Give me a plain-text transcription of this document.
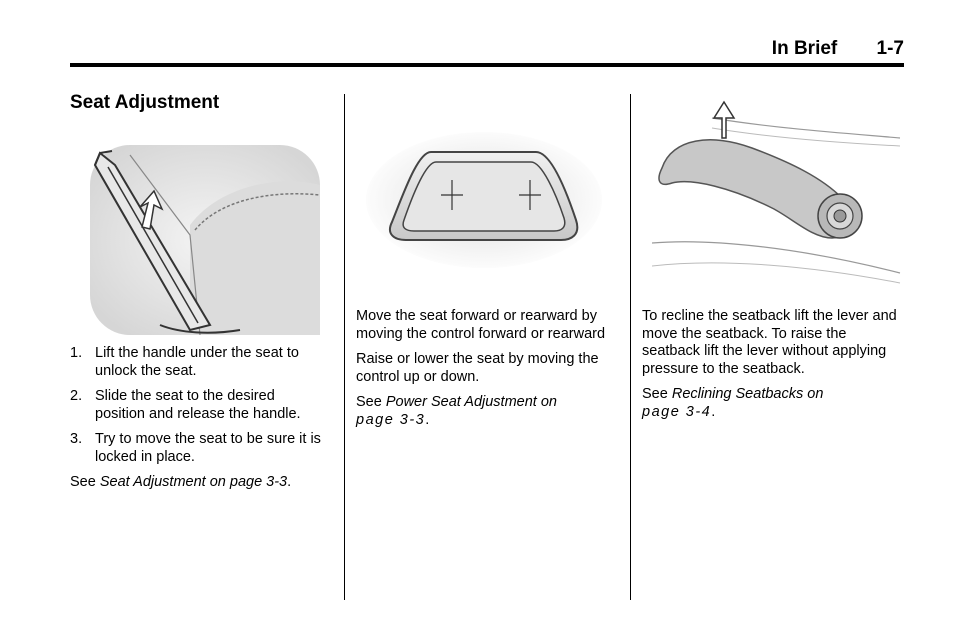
In Brief 1-7
Seat Adjustment
1. Lift the handle under the seat to unlock the seat.
2. Slide the seat to the desired position and release the handle.
3. Try to move the seat to be sure it is locked in place.

See Seat Adjustment on page 3-3.

Move the seat forward or rearward by moving the control forward or rearward

Raise or lower the seat by moving the control up or down.

See Power Seat Adjustment on
page 3-3.

To recline the seatback lift the lever and move the seatback. To raise the seatback lift the lever without applying pressure to the seatback.

See Reclining Seatbacks on
page 3-4.
